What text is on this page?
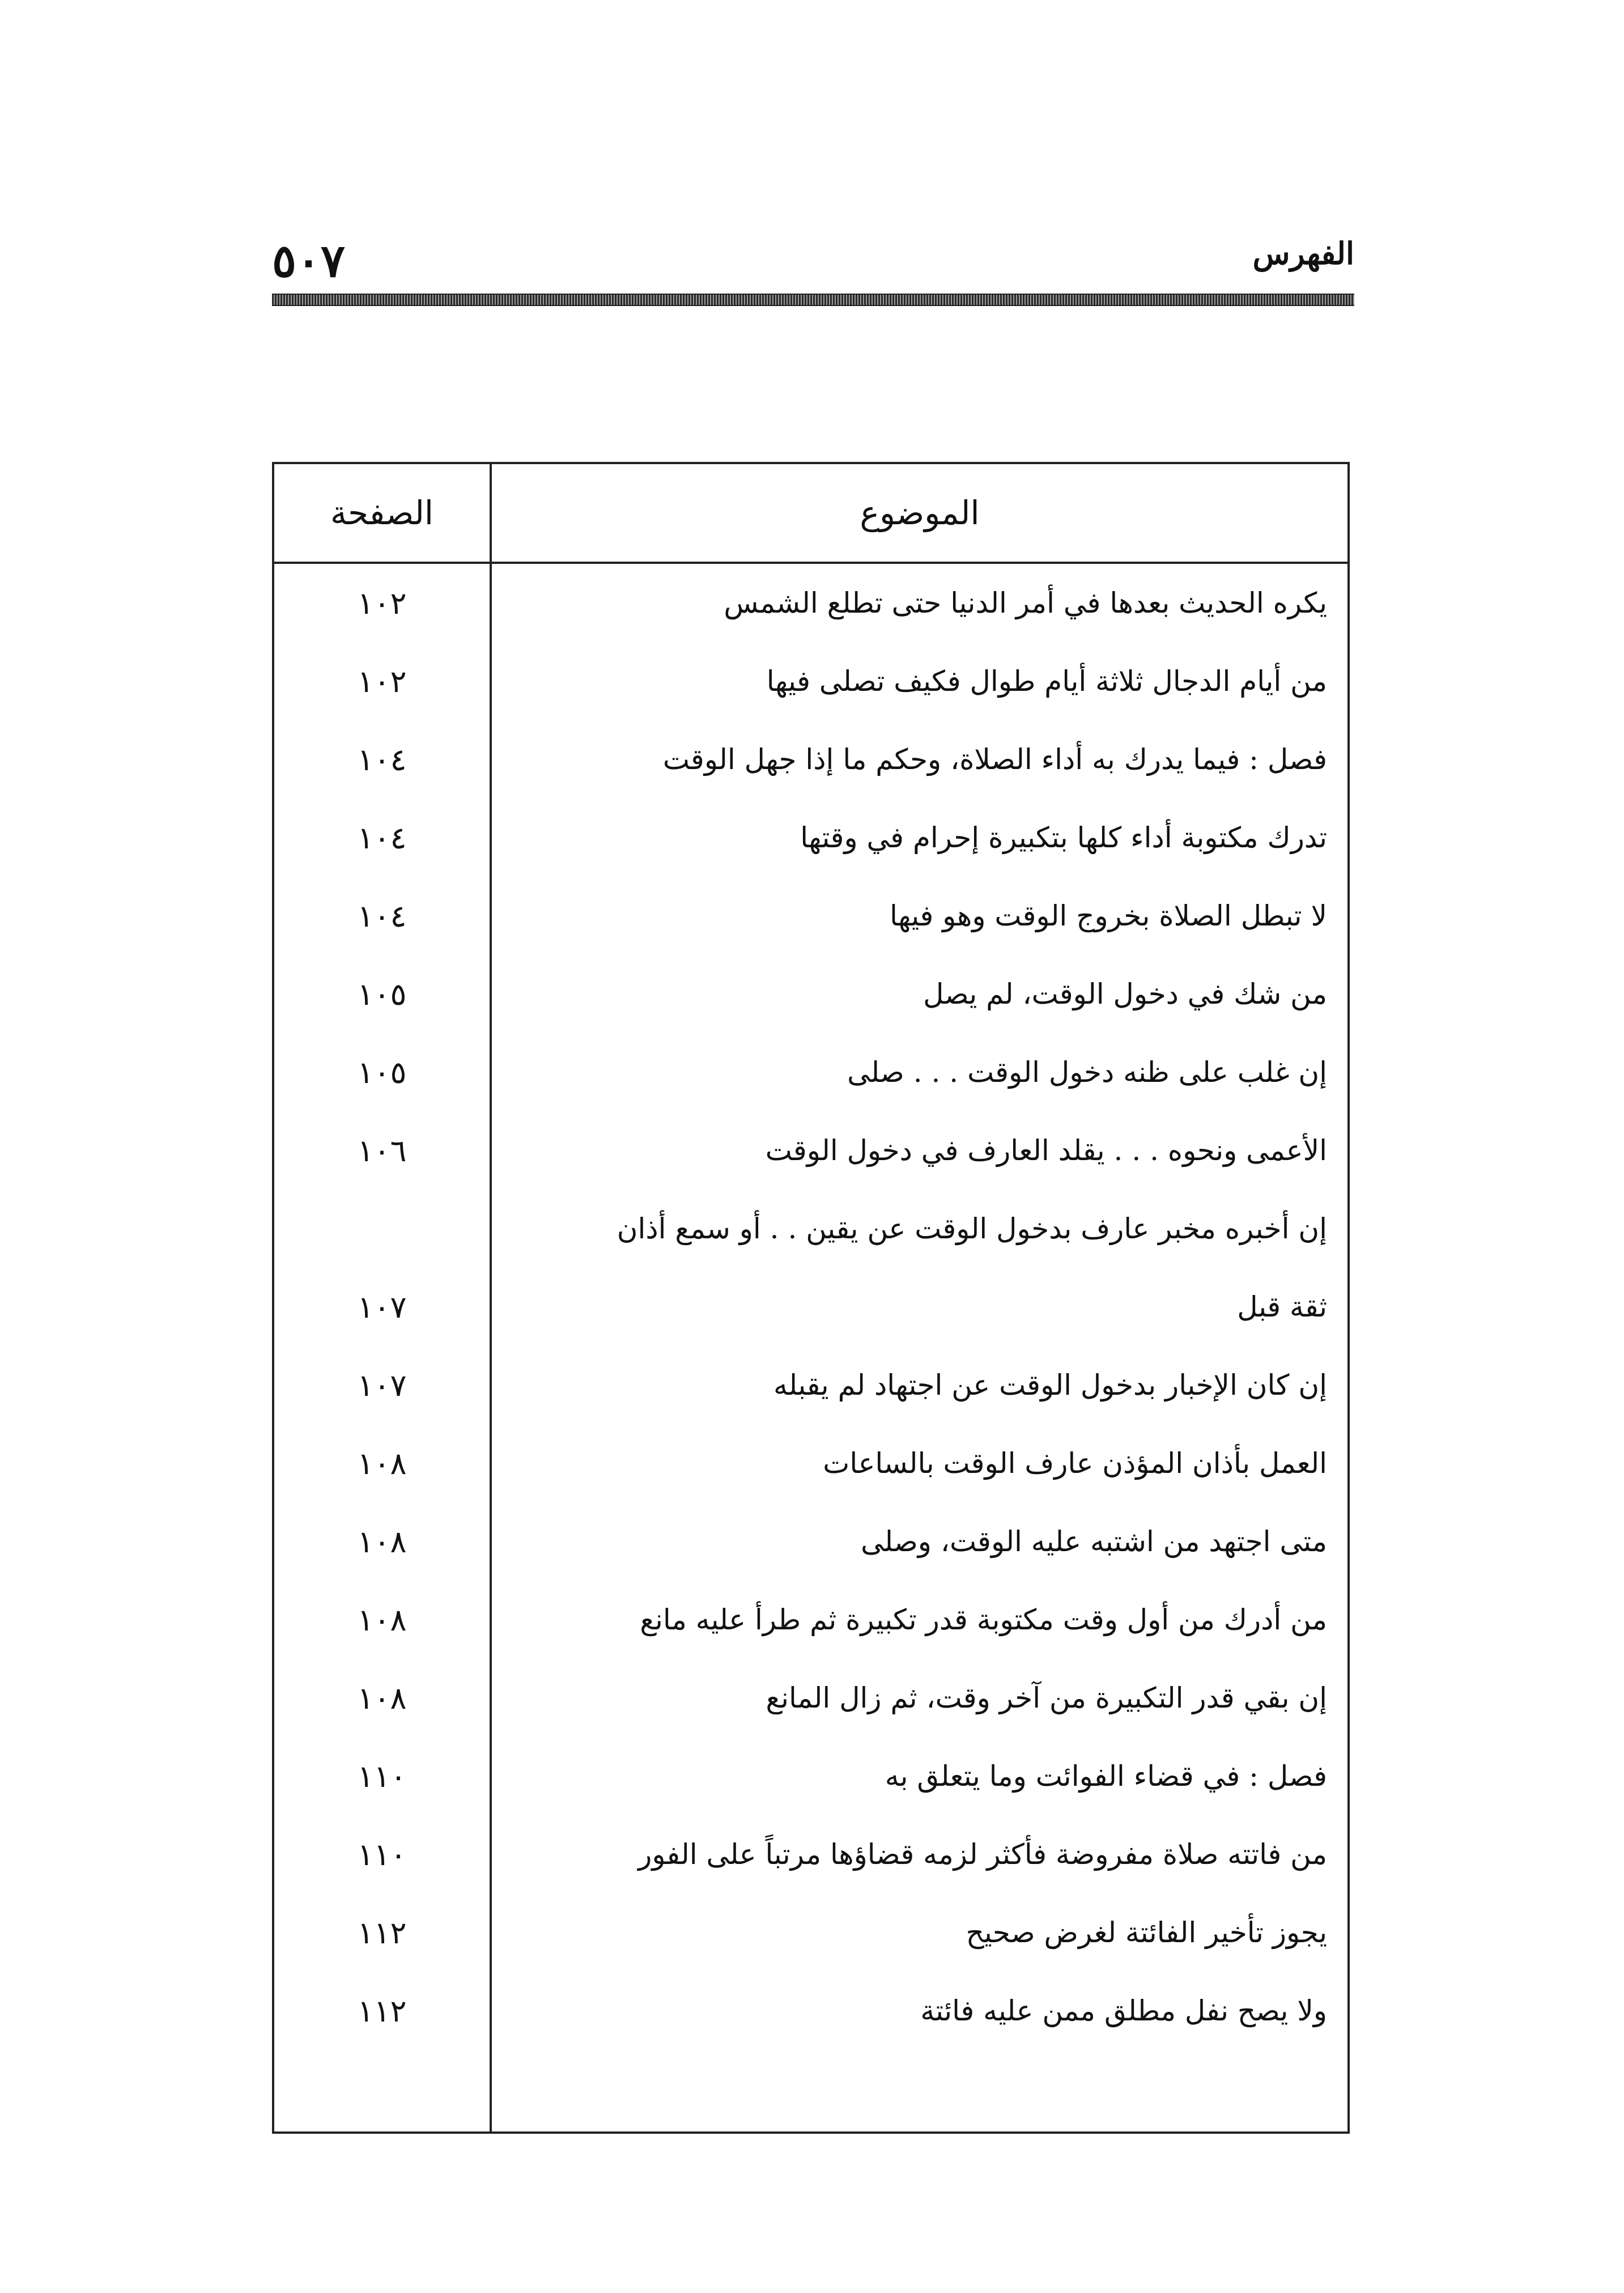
٥٠٧	الفهرس
الصفحة	الموضوع
١٠٢	يكره الحديث بعدها في أمر الدنيا حتى تطلع الشمس
١٠٢	من أيام الدجال ثلاثة أيام طوال فكيف تصلى فيها
١٠٤	فصل : فيما يدرك به أداء الصلاة، وحكم ما إذا جهل الوقت
١٠٤	تدرك مكتوبة أداء كلها بتكبيرة إحرام في وقتها
١٠٤	لا تبطل الصلاة بخروج الوقت وهو فيها
١٠٥	من شك في دخول الوقت، لم يصل
١٠٥	إن غلب على ظنه دخول الوقت . . . صلى
١٠٦	الأعمى ونحوه . . . يقلد العارف في دخول الوقت
إن أخبره مخبر عارف بدخول الوقت عن يقين . . أو سمع أذان
١٠٧	ثقة قبل
١٠٧	إن كان الإخبار بدخول الوقت عن اجتهاد لم يقبله
١٠٨	العمل بأذان المؤذن عارف الوقت بالساعات
١٠٨	متى اجتهد من اشتبه عليه الوقت، وصلى
١٠٨	من أدرك من أول وقت مكتوبة قدر تكبيرة ثم طرأ عليه مانع
١٠٨	إن بقي قدر التكبيرة من آخر وقت، ثم زال المانع
١١٠	فصل : في قضاء الفوائت وما يتعلق به
١١٠	من فاتته صلاة مفروضة فأكثر لزمه قضاؤها مرتباً على الفور
١١٢	يجوز تأخير الفائتة لغرض صحيح
١١٢	ولا يصح نفل مطلق ممن عليه فائتة
